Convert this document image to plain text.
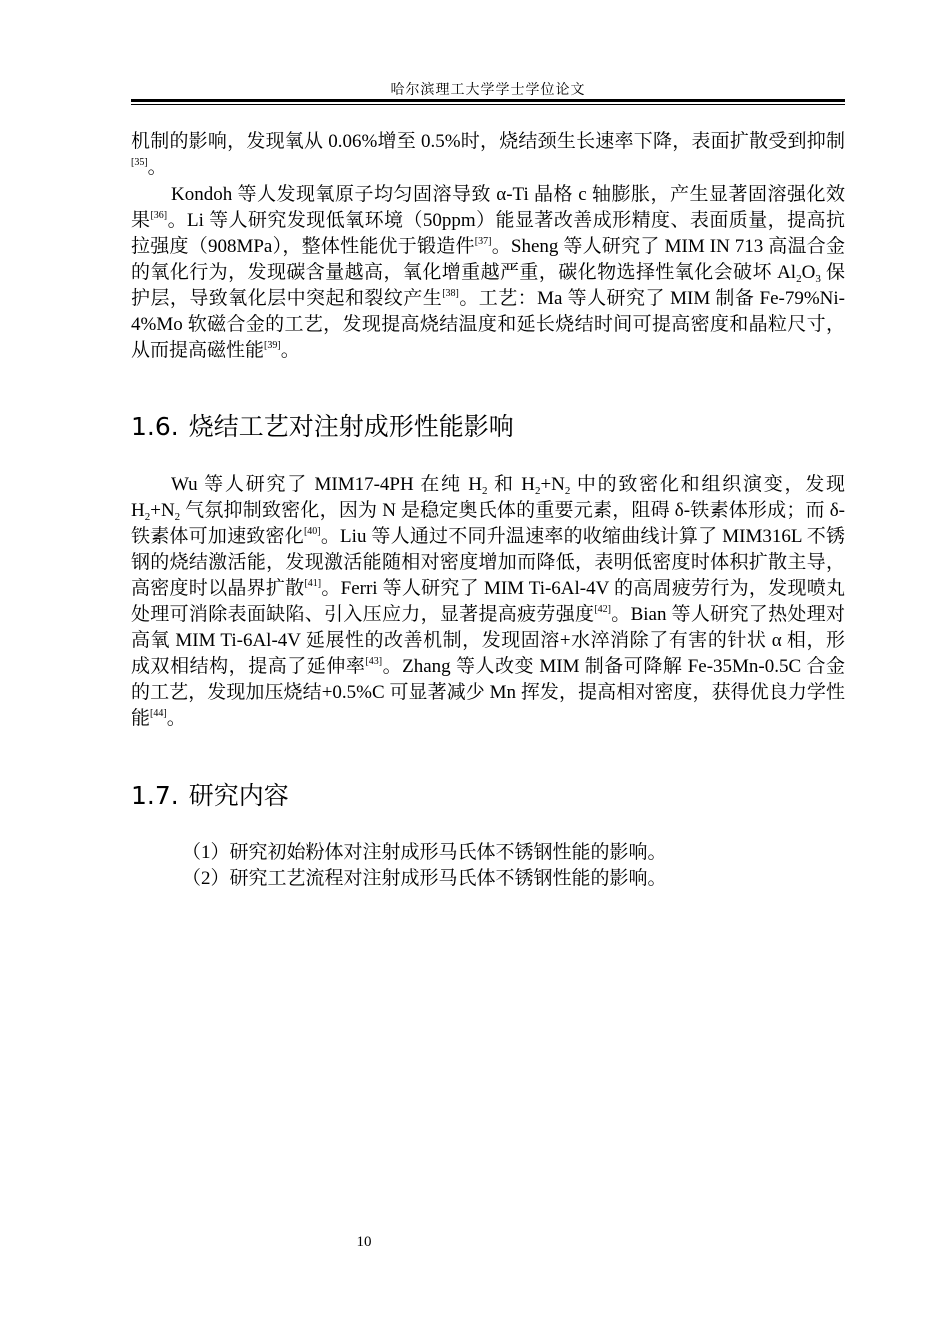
哈尔滨理工大学学士学位论文

机制的影响，发现氧从 0.06%增至 0.5%时，烧结颈生长速率下降，表面扩散受到抑制[35]。

Kondoh 等人发现氧原子均匀固溶导致 α-Ti 晶格 c 轴膨胀，产生显著固溶强化效果[36]。Li 等人研究发现低氧环境（50ppm）能显著改善成形精度、表面质量，提高抗拉强度（908MPa），整体性能优于锻造件[37]。Sheng 等人研究了 MIM IN 713 高温合金的氧化行为，发现碳含量越高，氧化增重越严重，碳化物选择性氧化会破坏 $Al_2O_3$ 保护层，导致氧化层中突起和裂纹产生[38]。工艺：Ma 等人研究了 MIM 制备 Fe-79%Ni-4%Mo 软磁合金的工艺，发现提高烧结温度和延长烧结时间可提高密度和晶粒尺寸，从而提高磁性能[39]。

1.6. 烧结工艺对注射成形性能影响

Wu 等人研究了 MIM17-4PH 在纯 $H_2$ 和 $H_2+N_2$ 中的致密化和组织演变，发现 $H_2+N_2$ 气氛抑制致密化，因为 N 是稳定奥氏体的重要元素，阻碍 δ-铁素体形成；而 δ-铁素体可加速致密化[40]。Liu 等人通过不同升温速率的收缩曲线计算了 MIM316L 不锈钢的烧结激活能，发现激活能随相对密度增加而降低，表明低密度时体积扩散主导，高密度时以晶界扩散[41]。Ferri 等人研究了 MIM Ti-6Al-4V 的高周疲劳行为，发现喷丸处理可消除表面缺陷、引入压应力，显著提高疲劳强度[42]。Bian 等人研究了热处理对高氧 MIM Ti-6Al-4V 延展性的改善机制，发现固溶+水淬消除了有害的针状 α 相，形成双相结构，提高了延伸率[43]。Zhang 等人改变 MIM 制备可降解 Fe-35Mn-0.5C 合金的工艺，发现加压烧结+0.5%C 可显著减少 Mn 挥发，提高相对密度，获得优良力学性能[44]。

1.7. 研究内容
（1）研究初始粉体对注射成形马氏体不锈钢性能的影响。
（2）研究工艺流程对注射成形马氏体不锈钢性能的影响。
10
